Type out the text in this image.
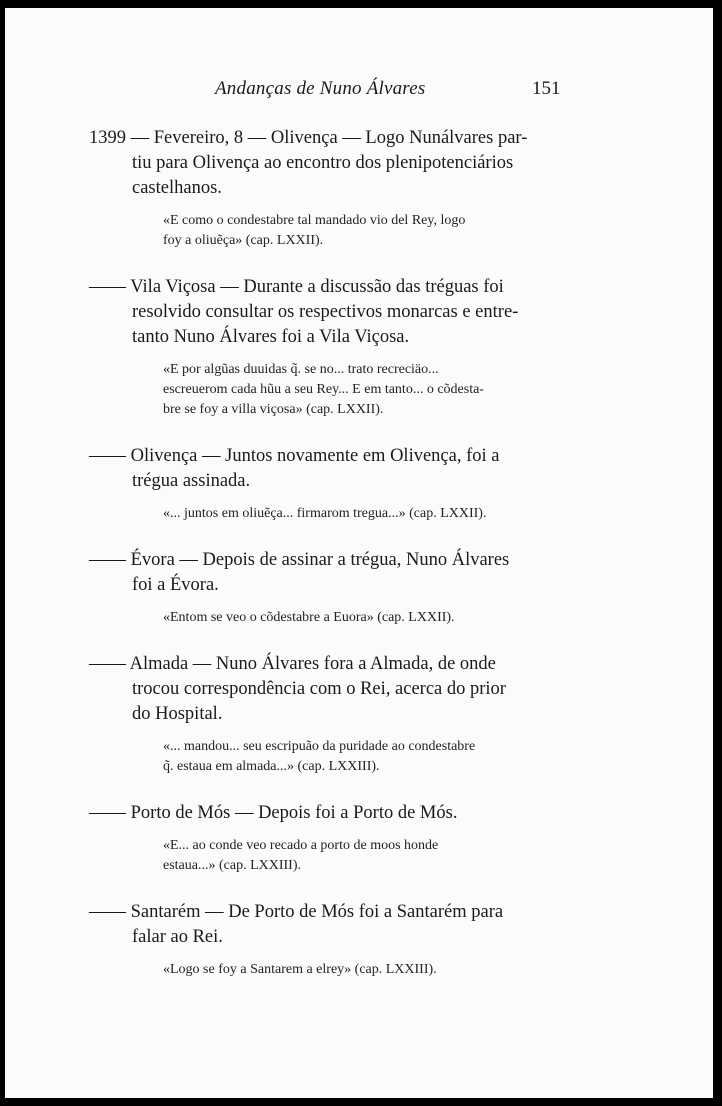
Andanças de Nuno Álvares	151

1399 — Fevereiro, 8 — Olivença — Logo Nunálvares par-
tiu para Olivença ao encontro dos plenipotenciários
castelhanos.

«E como o condestabre tal mandado vio del Rey, logo
foy a oliuẽça» (cap. LXXII).

—— Vila Viçosa — Durante a discussão das tréguas foi
resolvido consultar os respectivos monarcas e entre-
tanto Nuno Álvares foi a Vila Viçosa.

«E por algũas duuidas q̃. se no... trato recreciäo...
escreuerom cada hũu a seu Rey... E em tanto... o cõdesta-
bre se foy a villa viçosa» (cap. LXXII).

—— Olivença — Juntos novamente em Olivença, foi a
trégua assinada.

«... juntos em oliuẽça... firmarom tregua...» (cap. LXXII).

—— Évora — Depois de assinar a trégua, Nuno Álvares
foi a Évora.

«Entom se veo o cõdestabre a Euora» (cap. LXXII).

—— Almada — Nuno Álvares fora a Almada, de onde
trocou correspondência com o Rei, acerca do prior
do Hospital.

«... mandou... seu escripuão da puridade ao condestabre
q̃. estaua em almada...» (cap. LXXIII).

—— Porto de Mós — Depois foi a Porto de Mós.

«E... ao conde veo recado a porto de moos honde
estaua...» (cap. LXXIII).

—— Santarém — De Porto de Mós foi a Santarém para
falar ao Rei.

«Logo se foy a Santarem a elrey» (cap. LXXIII).
